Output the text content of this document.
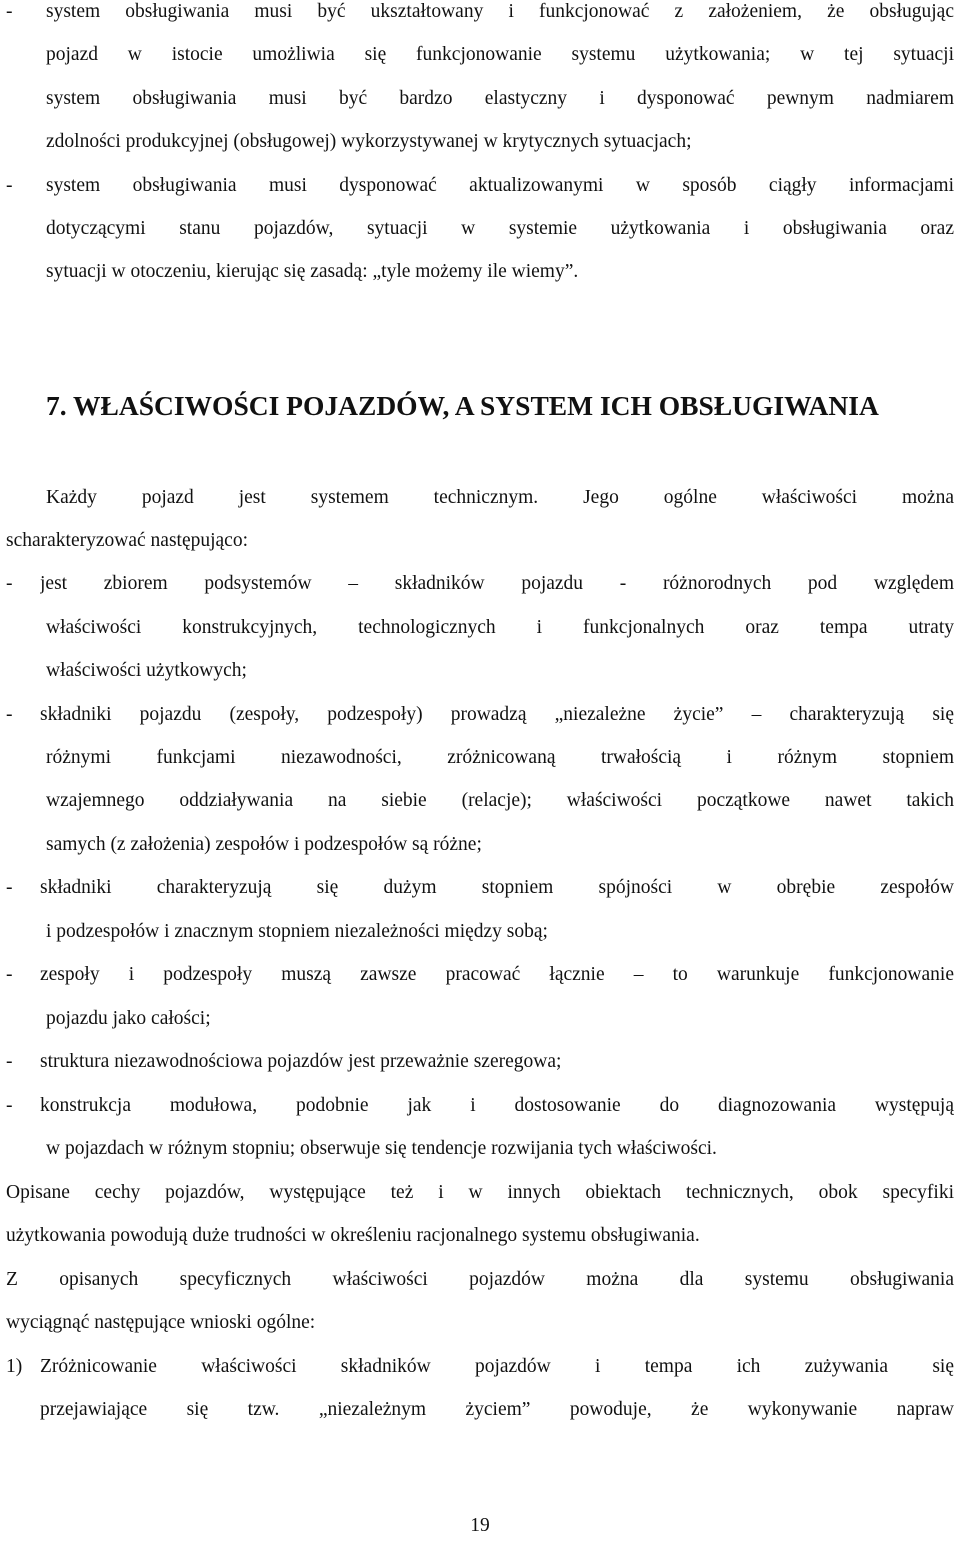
- system obsługiwania musi być ukształtowany i funkcjonować z założeniem, że obsługując
pojazd w istocie umożliwia się funkcjonowanie systemu użytkowania; w tej sytuacji
system obsługiwania musi być bardzo elastyczny i dysponować pewnym nadmiarem
zdolności produkcyjnej (obsługowej) wykorzystywanej w krytycznych sytuacjach;
- system obsługiwania musi dysponować aktualizowanymi w sposób ciągły informacjami
dotyczącymi stanu pojazdów, sytuacji w systemie użytkowania i obsługiwania oraz
sytuacji w otoczeniu, kierując się zasadą: „tyle możemy ile wiemy”.
7. WŁAŚCIWOŚCI POJAZDÓW, A SYSTEM ICH OBSŁUGIWANIA
Każdy pojazd jest systemem technicznym. Jego ogólne właściwości można
scharakteryzować następująco:
- jest zbiorem podsystemów – składników pojazdu - różnorodnych pod względem
właściwości konstrukcyjnych, technologicznych i funkcjonalnych oraz tempa utraty
właściwości użytkowych;
- składniki pojazdu (zespoły, podzespoły) prowadzą „niezależne życie” – charakteryzują się
różnymi funkcjami niezawodności, zróżnicowaną trwałością i różnym stopniem
wzajemnego oddziaływania na siebie (relacje); właściwości początkowe nawet takich
samych (z założenia) zespołów i podzespołów są różne;
- składniki charakteryzują się dużym stopniem spójności w obrębie zespołów
i podzespołów i znacznym stopniem niezależności między sobą;
- zespoły i podzespoły muszą zawsze pracować łącznie – to warunkuje funkcjonowanie
pojazdu jako całości;
- struktura niezawodnościowa pojazdów jest przeważnie szeregowa;
- konstrukcja modułowa, podobnie jak i dostosowanie do diagnozowania występują
w pojazdach w różnym stopniu; obserwuje się tendencje rozwijania tych właściwości.
Opisane cechy pojazdów, występujące też i w innych obiektach technicznych, obok specyfiki
użytkowania powodują duże trudności w określeniu racjonalnego systemu obsługiwania.
Z opisanych specyficznych właściwości pojazdów można dla systemu obsługiwania
wyciągnąć następujące wnioski ogólne:
1) Zróżnicowanie właściwości składników pojazdów i tempa ich zużywania się
przejawiające się tzw. „niezależnym życiem” powoduje, że wykonywanie napraw
19
